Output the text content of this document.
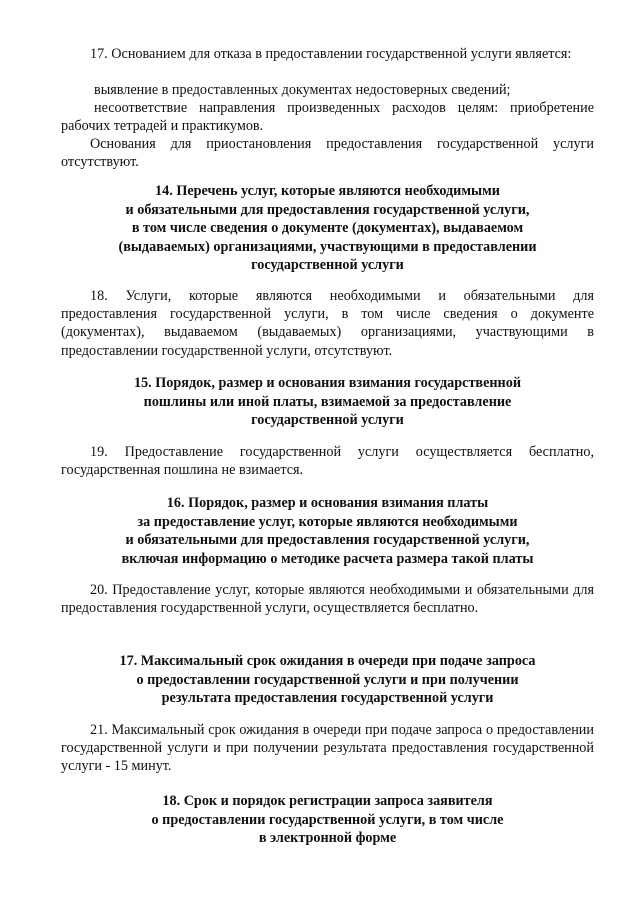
17. Основанием для отказа в предоставлении государственной услуги является:
выявление в предоставленных документах недостоверных сведений;
несоответствие направления произведенных расходов целям: приобретение рабочих тетрадей и практикумов.
Основания для приостановления предоставления государственной услуги отсутствуют.
14. Перечень услуг, которые являются необходимыми
и обязательными для предоставления государственной услуги,
в том числе сведения о документе (документах), выдаваемом
(выдаваемых) организациями, участвующими в предоставлении
государственной услуги
18. Услуги, которые являются необходимыми и обязательными для предоставления государственной услуги, в том числе сведения о документе (документах), выдаваемом (выдаваемых) организациями, участвующими в предоставлении государственной услуги, отсутствуют.
15. Порядок, размер и основания взимания государственной
пошлины или иной платы, взимаемой за предоставление
государственной услуги
19. Предоставление государственной услуги осуществляется бесплатно, государственная пошлина не взимается.
16. Порядок, размер и основания взимания платы
за предоставление услуг, которые являются необходимыми
и обязательными для предоставления государственной услуги,
включая информацию о методике расчета размера такой платы
20. Предоставление услуг, которые являются необходимыми и обязательными для предоставления государственной услуги, осуществляется бесплатно.
17. Максимальный срок ожидания в очереди при подаче запроса
о предоставлении государственной услуги и при получении
результата предоставления государственной услуги
21. Максимальный срок ожидания в очереди при подаче запроса о предоставлении государственной услуги и при получении результата предоставления государственной услуги - 15 минут.
18. Срок и порядок регистрации запроса заявителя
о предоставлении государственной услуги, в том числе
в электронной форме
